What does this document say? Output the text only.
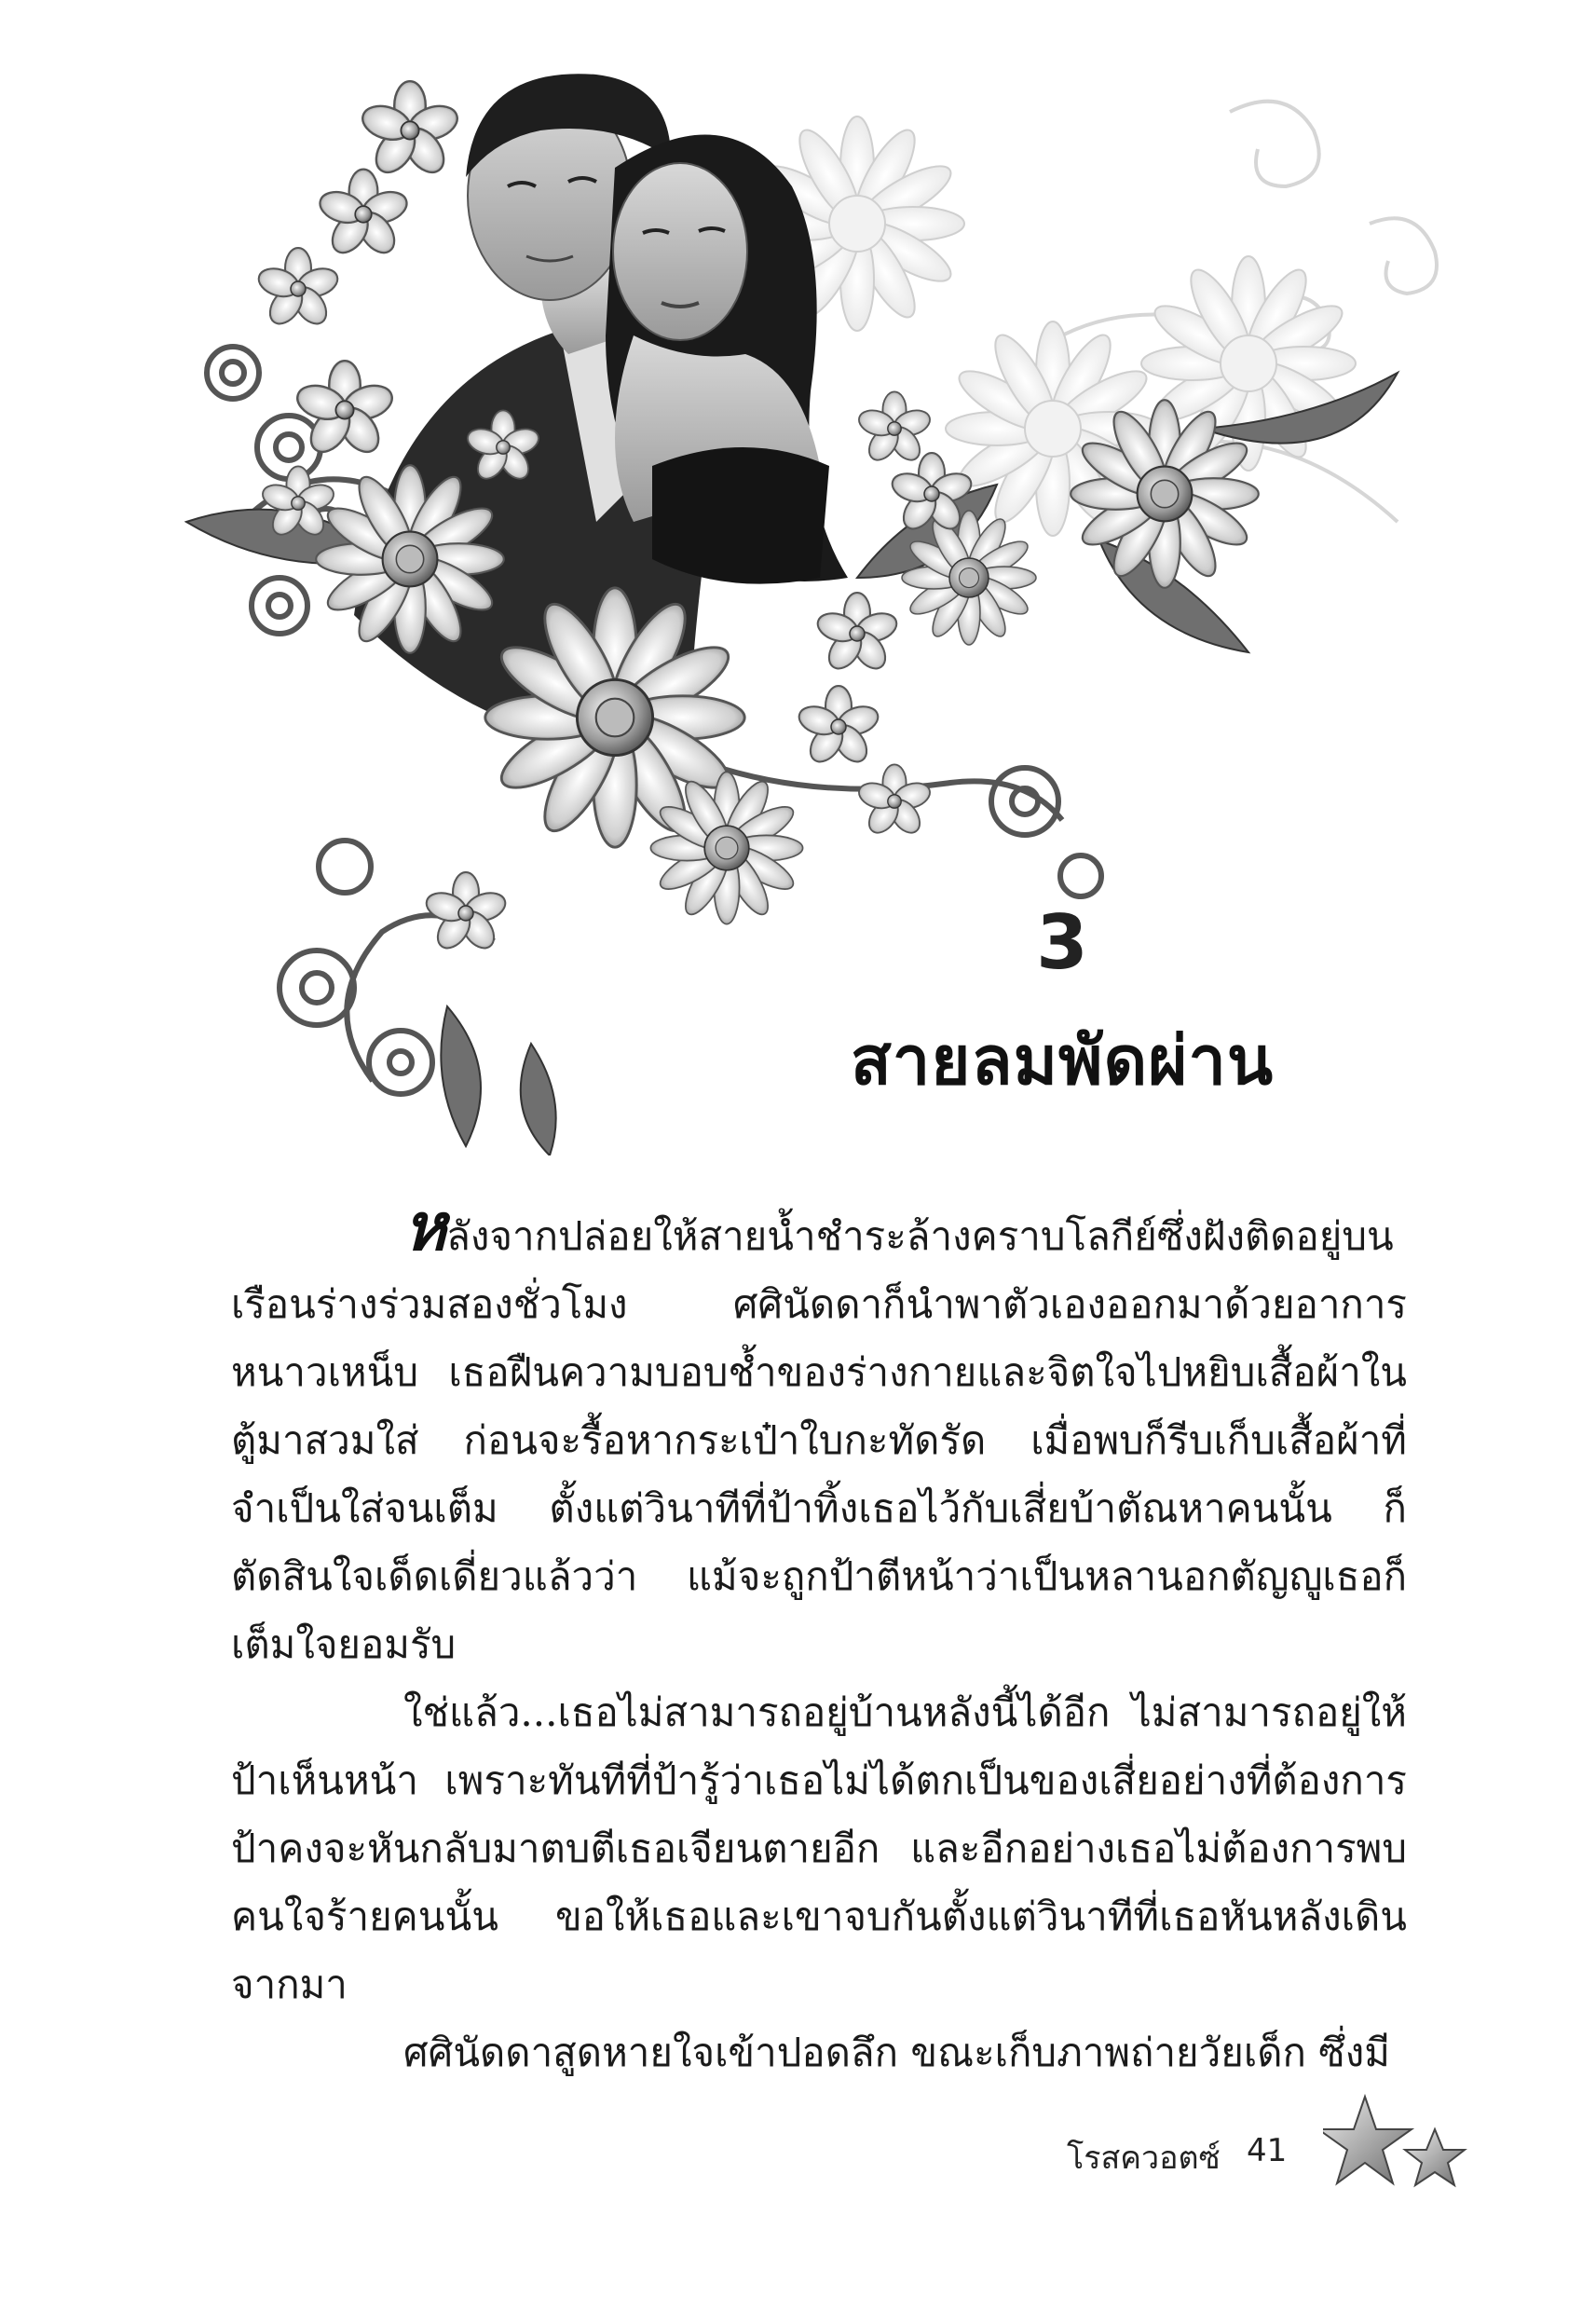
3
สายลมพัดผ่าน

หลังจากปล่อยให้สายน้ำชำระล้างคราบโลกีย์ซึ่งฝังติดอยู่บนเรือนร่างร่วมสองชั่วโมง ศศินัดดาก็นำพาตัวเองออกมาด้วยอาการหนาวเหน็บ เธอฝืนความบอบช้ำของร่างกายและจิตใจไปหยิบเสื้อผ้าในตู้มาสวมใส่ ก่อนจะรื้อหากระเป๋าใบกะทัดรัด เมื่อพบก็รีบเก็บเสื้อผ้าที่จำเป็นใส่จนเต็ม ตั้งแต่วินาทีที่ป้าทิ้งเธอไว้กับเสี่ยบ้าตัณหาคนนั้น ก็ตัดสินใจเด็ดเดี่ยวแล้วว่า แม้จะถูกป้าตีหน้าว่าเป็นหลานอกตัญญูเธอก็เต็มใจยอมรับ

ใช่แล้ว...เธอไม่สามารถอยู่บ้านหลังนี้ได้อีก ไม่สามารถอยู่ให้ป้าเห็นหน้า เพราะทันทีที่ป้ารู้ว่าเธอไม่ได้ตกเป็นของเสี่ยอย่างที่ต้องการ ป้าคงจะหันกลับมาตบตีเธอเจียนตายอีก และอีกอย่างเธอไม่ต้องการพบคนใจร้ายคนนั้น ขอให้เธอและเขาจบกันตั้งแต่วินาทีที่เธอหันหลังเดินจากมา

ศศินัดดาสูดหายใจเข้าปอดลึก ขณะเก็บภาพถ่ายวัยเด็ก ซึ่งมี

โรสควอตซ์ 41
